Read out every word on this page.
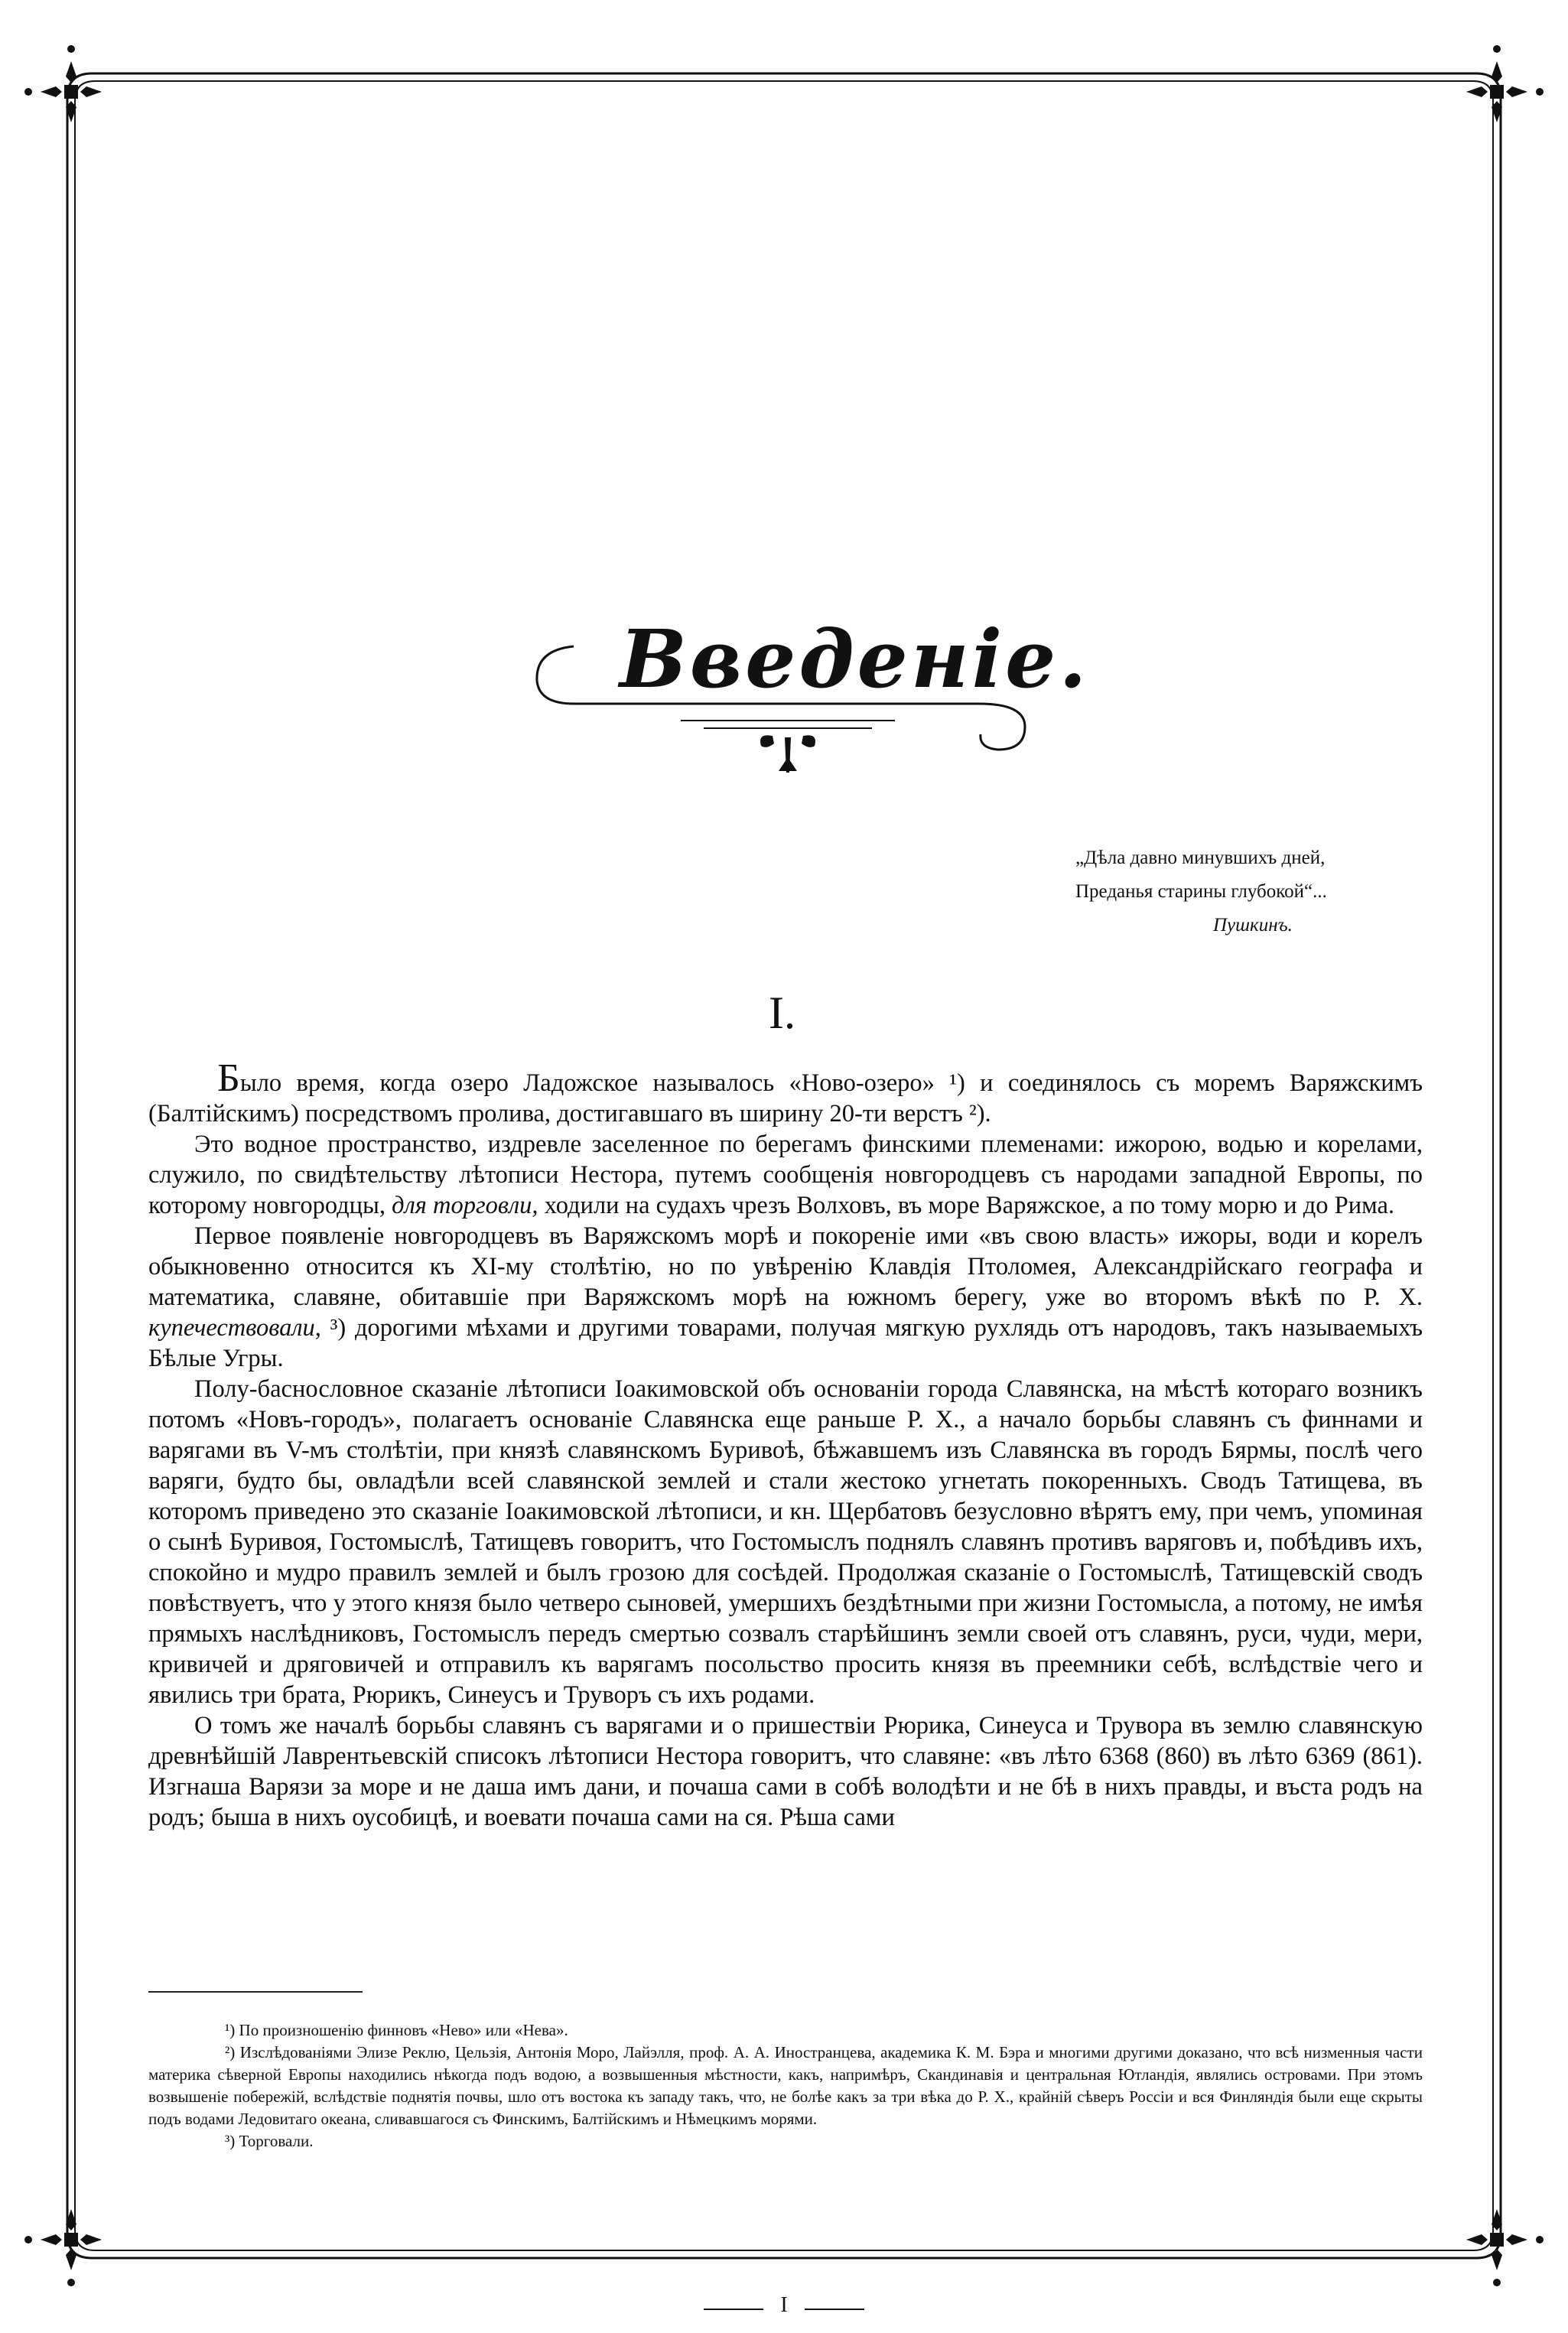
Введеніе.
„Дѣла давно минувшихъ дней,
Преданья старины глубокой“...
Пушкинъ.
I.

Было время, когда озеро Ладожское называлось «Ново-озеро» ¹) и соединялось съ моремъ Варяжскимъ (Балтійскимъ) посредствомъ пролива, достигавшаго въ ширину 20-ти верстъ ²).

Это водное пространство, издревле заселенное по берегамъ финскими племенами: ижорою, водью и корелами, служило, по свидѣтельству лѣтописи Нестора, путемъ сообщенія новгородцевъ съ народами западной Европы, по которому новгородцы, для торговли, ходили на судахъ чрезъ Волховъ, въ море Варяжское, а по тому морю и до Рима.

Первое появленіе новгородцевъ въ Варяжскомъ морѣ и покореніе ими «въ свою власть» ижоры, води и корелъ обыкновенно относится къ XI-му столѣтію, но по увѣренію Клавдія Птоломея, Александрійскаго географа и математика, славяне, обитавшіе при Варяжскомъ морѣ на южномъ берегу, уже во второмъ вѣкѣ по Р. Х. купечествовали, ³) дорогими мѣхами и другими товарами, получая мягкую рухлядь отъ народовъ, такъ называемыхъ Бѣлые Угры.

Полу-баснословное сказаніе лѣтописи Іоакимовской объ основаніи города Славянска, на мѣстѣ котораго возникъ потомъ «Новъ-городъ», полагаетъ основаніе Славянска еще раньше Р. Х., а начало борьбы славянъ съ финнами и варягами въ V-мъ столѣтіи, при князѣ славянскомъ Буривоѣ, бѣжавшемъ изъ Славянска въ городъ Бярмы, послѣ чего варяги, будто бы, овладѣли всей славянской землей и стали жестоко угнетать покоренныхъ. Сводъ Татищева, въ которомъ приведено это сказаніе Іоакимовской лѣтописи, и кн. Щербатовъ безусловно вѣрятъ ему, при чемъ, упоминая о сынѣ Буривоя, Гостомыслѣ, Татищевъ говоритъ, что Гостомыслъ поднялъ славянъ противъ варяговъ и, побѣдивъ ихъ, спокойно и мудро правилъ землей и былъ грозою для сосѣдей. Продолжая сказаніе о Гостомыслѣ, Татищевскій сводъ повѣствуетъ, что у этого князя было четверо сыновей, умершихъ бездѣтными при жизни Гостомысла, а потому, не имѣя прямыхъ наслѣдниковъ, Гостомыслъ передъ смертью созвалъ старѣйшинъ земли своей отъ славянъ, руси, чуди, мери, кривичей и дряговичей и отправилъ къ варягамъ посольство просить князя въ преемники себѣ, вслѣдствіе чего и явились три брата, Рюрикъ, Синеусъ и Труворъ съ ихъ родами.

О томъ же началѣ борьбы славянъ съ варягами и о пришествіи Рюрика, Синеуса и Трувора въ землю славянскую древнѣйшій Лаврентьевскій списокъ лѣтописи Нестора говоритъ, что славяне: «въ лѣто 6368 (860) въ лѣто 6369 (861). Изгнаша Варязи за море и не даша имъ дани, и почаша сами в собѣ володѣти и не бѣ в нихъ правды, и въста родъ на родъ; быша в нихъ оусобицѣ, и воевати почаша сами на ся. Рѣша сами

¹) По произношенію финновъ «Нево» или «Нева».

²) Изслѣдованіями Элизе Реклю, Цельзія, Антонія Моро, Лайэлля, проф. А. А. Иностранцева, академика К. М. Бэра и многими другими доказано, что всѣ низменныя части материка сѣверной Европы находились нѣкогда подъ водою, а возвышенныя мѣстности, какъ, напримѣръ, Скандинавія и центральная Ютландія, являлись островами. При этомъ возвышеніе побережій, вслѣдствіе поднятія почвы, шло отъ востока къ западу такъ, что, не болѣе какъ за три вѣка до Р. Х., крайній сѣверъ Россіи и вся Финляндія были еще скрыты подъ водами Ледовитаго океана, сливавшагося съ Финскимъ, Балтійскимъ и Нѣмецкимъ морями.

³) Торговали.

I
